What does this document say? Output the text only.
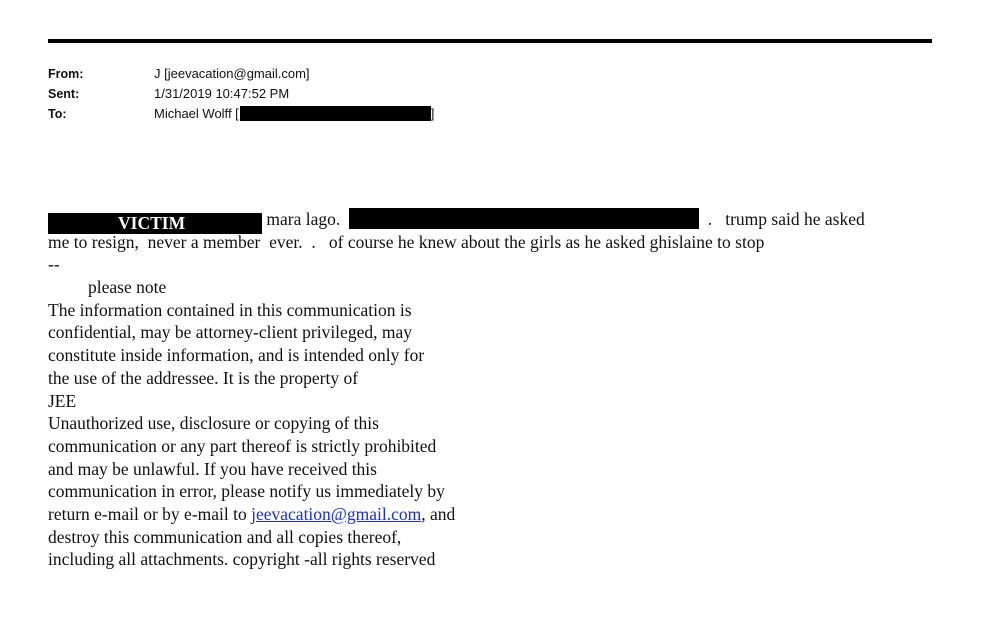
From:	J [jeevacation@gmail.com]
Sent:	1/31/2019 10:47:52 PM
To:	Michael Wolff [	]
VICTIM	mara lago.	.   trump said he asked
me to resign,  never a member  ever.  .   of course he knew about the girls as he asked ghislaine to stop
--
please note
The information contained in this communication is
confidential, may be attorney-client privileged, may
constitute inside information, and is intended only for
the use of the addressee. It is the property of
JEE
Unauthorized use, disclosure or copying of this
communication or any part thereof is strictly prohibited
and may be unlawful. If you have received this
communication in error, please notify us immediately by
return e-mail or by e-mail to jeevacation@gmail.com, and
destroy this communication and all copies thereof,
including all attachments. copyright -all rights reserved
